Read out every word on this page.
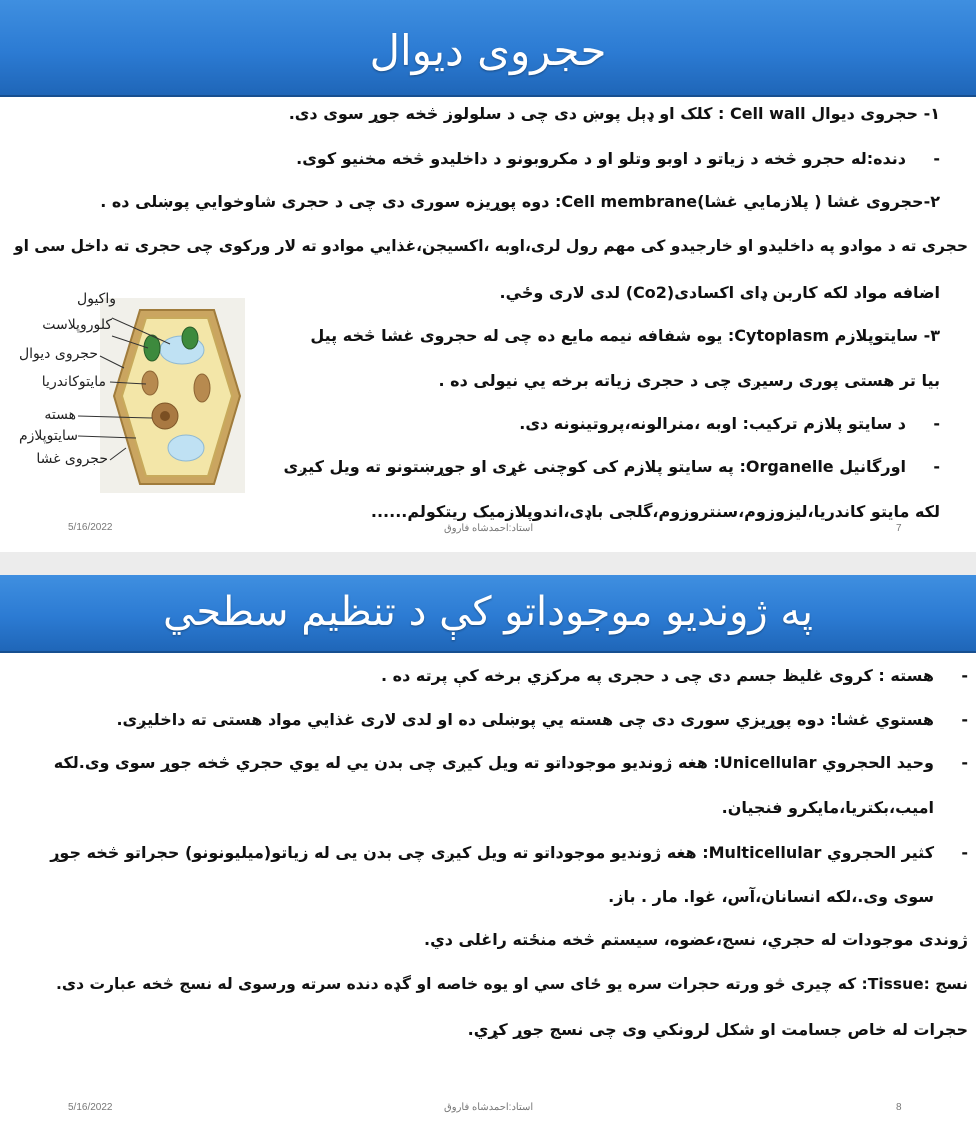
حجروی دیوال
۱- حجروی دیوال Cell wall : کلک او ډېل پوښ دی چی د سلولوز څخه جوړ سوی دی.
-
دنده:له حجرو څخه د زیاتو د اوبو وتلو او د مکروبونو د داخلیدو څخه مخنیو کوی.
۲-حجروی غشا ( پلازمايي غشا)Cell membrane: دوه پوړیزه سوری دی چی د حجری شاوخوايي پوښلی ده .
حجری ته د موادو په داخلیدو او خارجیدو کی مهم رول لری،اوبه ،اکسیجن،غذايي موادو ته لار ورکوی چی حجری ته داخل سی او
اضافه مواد لکه کاربن ډای اکسادی(Co2) لدی لاری وځي.
۳- سایتوپلازم Cytoplasm: یوه شفافه نیمه مایع ده چی له حجروی غشا څخه پیل
بیا تر هستی پوری رسیږی چی د حجری زیاته برخه یي نیولی ده .
-
د سایتو پلازم ترکیب: اوبه ،منرالونه،پروتینونه دی.
-
اورگانیل Organelle: په سایتو پلازم کی کوچنی غړی او جوړښتونو ته ویل کیږی
لکه مایتو کاندریا،لیزوزوم،سنتروزوم،گلجی باډی،اندوپلازمیک ریتکولم......
واکیول
کلوروپلاست
حجروی دیوال
مایتوکاندریا
هسته
سایتوپلازم
حجروی غشا
5/16/2022	استاد:احمدشاه فاروق	7
په ژوندیو موجوداتو کې د تنظیم سطحي
-
هسته : کروی غلیظ جسم دی چی د حجری په مرکزي برخه کې پرته ده .
-
هستوي غشا: دوه پوړیزي سوری دی چی هسته یي پوښلی ده او لدی لاری غذايي مواد هستی ته داخلیږی.
-
وحید الحجروي Unicellular: هغه ژوندیو موجوداتو ته ویل کیږی چی بدن یي له یوي حجري څخه جوړ سوی وی.لکه
امیب،بکتریا،مایکرو فنجیان.
-
کثیر الحجروي Multicellular: هغه ژوندیو موجوداتو ته ویل کیږی چی بدن یی له زیاتو(میلیونونو) حجراتو څخه جوړ
سوی وی.،لکه انسانان،آس، غوا. مار . باز.
ژوندی موجودات له حجري، نسج،عضوه، سیستم څخه منځته راغلی دي.
نسج :Tissue: که چیری څو ورته حجرات سره یو ځای سي او یوه خاصه او گډه دنده سرته ورسوی له نسج څخه عبارت دی.
حجرات له خاص جسامت او شکل لرونکي وی چی نسج جوړ کړي.
5/16/2022	استاد:احمدشاه فاروق	8
